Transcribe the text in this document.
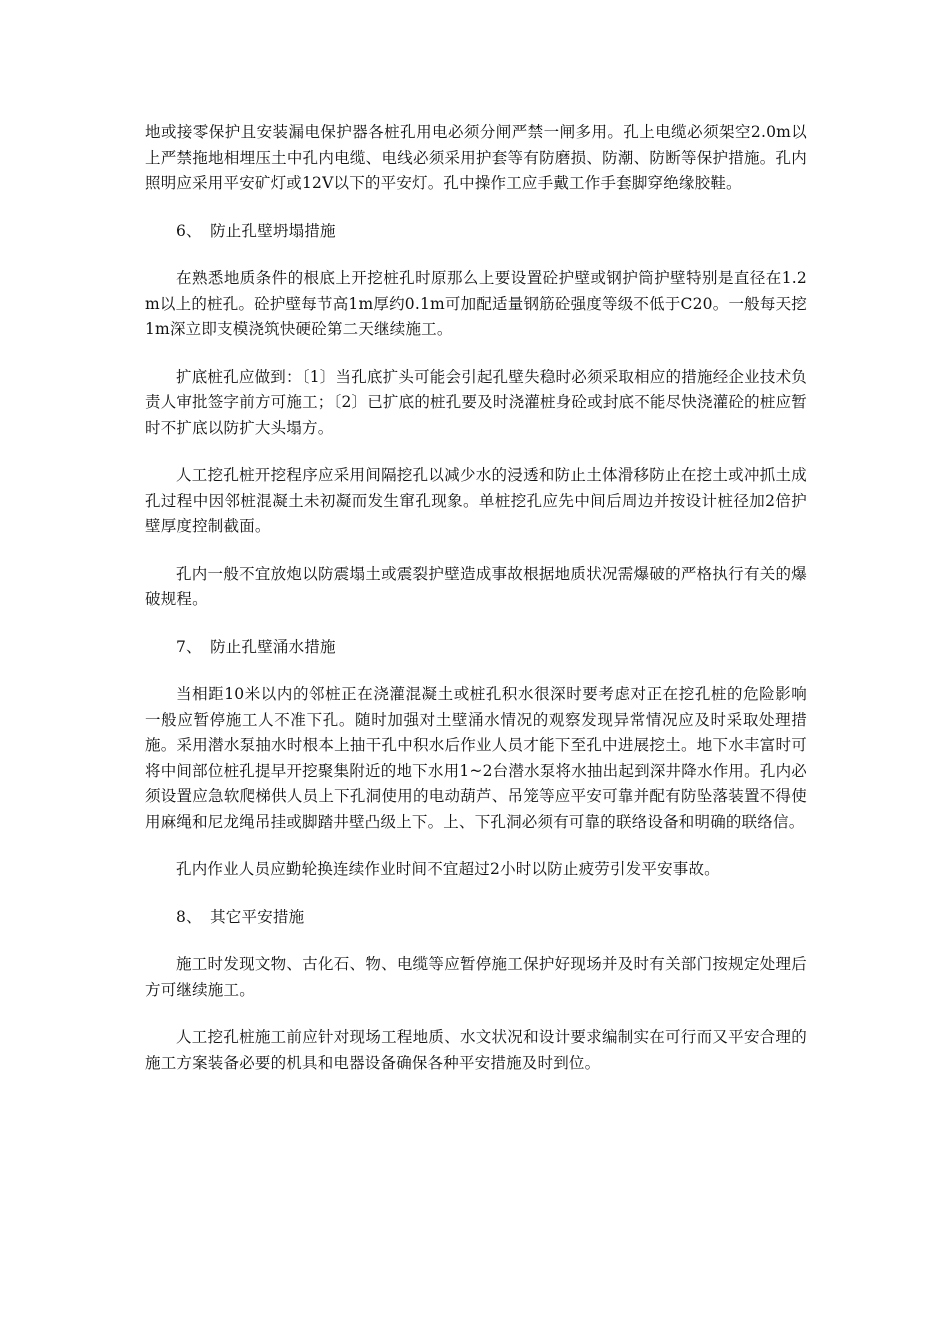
地或接零保护且安装漏电保护器各桩孔用电必须分闸严禁一闸多用。孔上电缆必须架空2.0m以上严禁拖地相埋压土中孔内电缆、电线必须采用护套等有防磨损、防潮、防断等保护措施。孔内照明应采用平安矿灯或12V以下的平安灯。孔中操作工应手戴工作手套脚穿绝缘胶鞋。

6、 防止孔壁坍塌措施

在熟悉地质条件的根底上开挖桩孔时原那么上要设置砼护壁或钢护筒护壁特别是直径在1.2m以上的桩孔。砼护壁每节高1m厚约0.1m可加配适量钢筋砼强度等级不低于C20。一般每天挖1m深立即支模浇筑快硬砼第二天继续施工。

扩底桩孔应做到：〔1〕当孔底扩头可能会引起孔壁失稳时必须采取相应的措施经企业技术负责人审批签字前方可施工；〔2〕已扩底的桩孔要及时浇灌桩身砼或封底不能尽快浇灌砼的桩应暂时不扩底以防扩大头塌方。

人工挖孔桩开挖程序应采用间隔挖孔以减少水的浸透和防止土体滑移防止在挖土或冲抓土成孔过程中因邻桩混凝土未初凝而发生窜孔现象。单桩挖孔应先中间后周边并按设计桩径加2倍护壁厚度控制截面。

孔内一般不宜放炮以防震塌土或震裂护壁造成事故根据地质状况需爆破的严格执行有关的爆破规程。

7、 防止孔壁涌水措施

当相距10米以内的邻桩正在浇灌混凝土或桩孔积水很深时要考虑对正在挖孔桩的危险影响一般应暂停施工人不准下孔。随时加强对土壁涌水情况的观察发现异常情况应及时采取处理措施。采用潜水泵抽水时根本上抽干孔中积水后作业人员才能下至孔中进展挖土。地下水丰富时可将中间部位桩孔提早开挖聚集附近的地下水用1~2台潜水泵将水抽出起到深井降水作用。孔内必须设置应急软爬梯供人员上下孔洞使用的电动葫芦、吊笼等应平安可靠并配有防坠落装置不得使用麻绳和尼龙绳吊挂或脚踏井壁凸级上下。上、下孔洞必须有可靠的联络设备和明确的联络信。

孔内作业人员应勤轮换连续作业时间不宜超过2小时以防止疲劳引发平安事故。

8、 其它平安措施

施工时发现文物、古化石、物、电缆等应暂停施工保护好现场并及时有关部门按规定处理后方可继续施工。

人工挖孔桩施工前应针对现场工程地质、水文状况和设计要求编制实在可行而又平安合理的施工方案装备必要的机具和电器设备确保各种平安措施及时到位。
